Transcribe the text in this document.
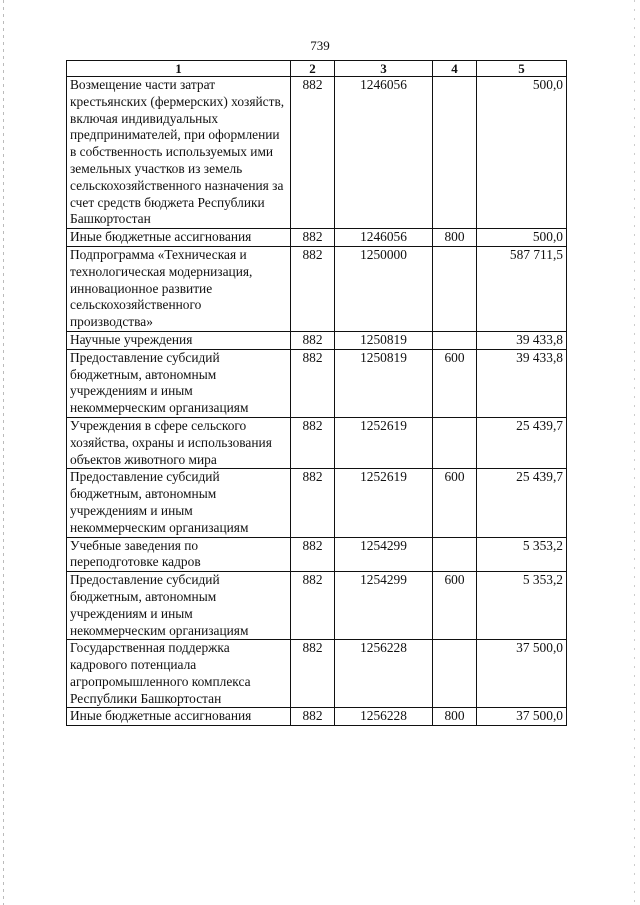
739
1	2	3	4	5
Возмещение части затрат крестьянских (фермерских) хозяйств, включая индивидуальных предпринимателей, при оформлении в собственность используемых ими земельных участков из земель сельскохозяйственного назначения за счет средств бюджета Республики Башкортостан	882	1246056		500,0
Иные бюджетные ассигнования	882	1246056	800	500,0
Подпрограмма «Техническая и технологическая модернизация, инновационное развитие сельскохозяйственного производства»	882	1250000		587 711,5
Научные учреждения	882	1250819		39 433,8
Предоставление субсидий бюджетным, автономным учреждениям и иным некоммерческим организациям	882	1250819	600	39 433,8
Учреждения в сфере сельского хозяйства, охраны и использования объектов животного мира	882	1252619		25 439,7
Предоставление субсидий бюджетным, автономным учреждениям и иным некоммерческим организациям	882	1252619	600	25 439,7
Учебные заведения по переподготовке кадров	882	1254299		5 353,2
Предоставление субсидий бюджетным, автономным учреждениям и иным некоммерческим организациям	882	1254299	600	5 353,2
Государственная поддержка кадрового потенциала агропромышленного комплекса Республики Башкортостан	882	1256228		37 500,0
Иные бюджетные ассигнования	882	1256228	800	37 500,0
